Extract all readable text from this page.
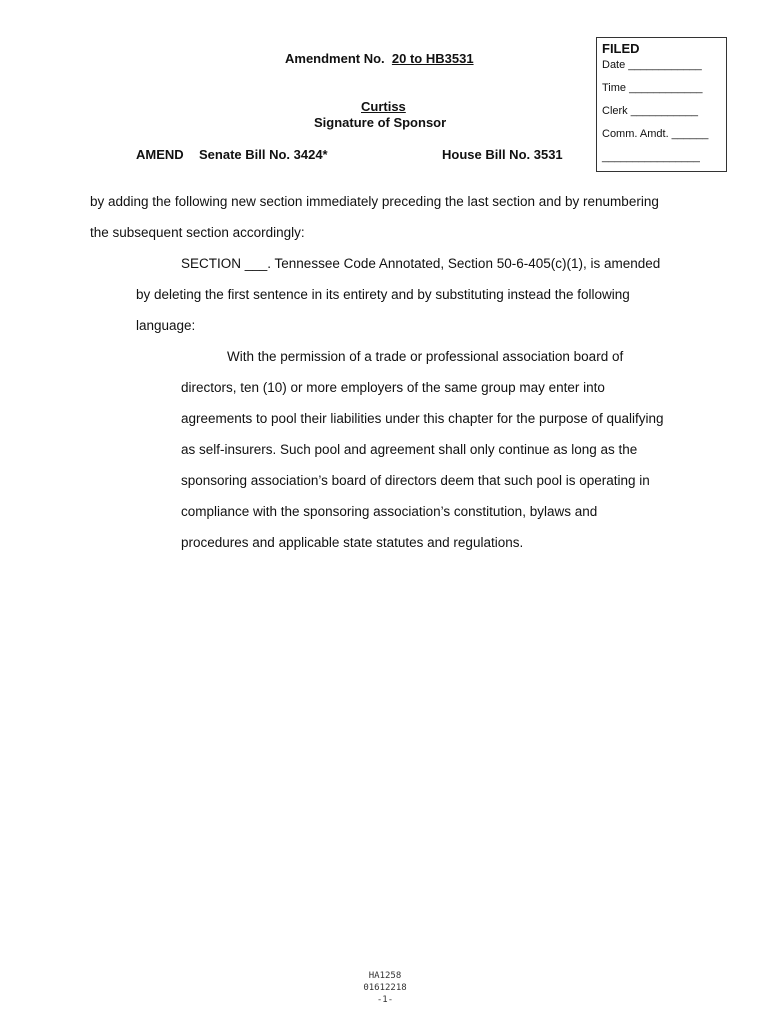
Amendment No. 20 to HB3531
Curtiss
Signature of Sponsor
AMEND Senate Bill No. 3424*	House Bill No. 3531
FILED
Date ____________
Time ____________
Clerk ___________
Comm. Amdt. ______
________________
by adding the following new section immediately preceding the last section and by renumbering
the subsequent section accordingly:
SECTION ___. Tennessee Code Annotated, Section 50-6-405(c)(1), is amended
by deleting the first sentence in its entirety and by substituting instead the following
language:
With the permission of a trade or professional association board of
directors, ten (10) or more employers of the same group may enter into
agreements to pool their liabilities under this chapter for the purpose of qualifying
as self-insurers. Such pool and agreement shall only continue as long as the
sponsoring association’s board of directors deem that such pool is operating in
compliance with the sponsoring association’s constitution, bylaws and
procedures and applicable state statutes and regulations.
HA1258
01612218
-1-
